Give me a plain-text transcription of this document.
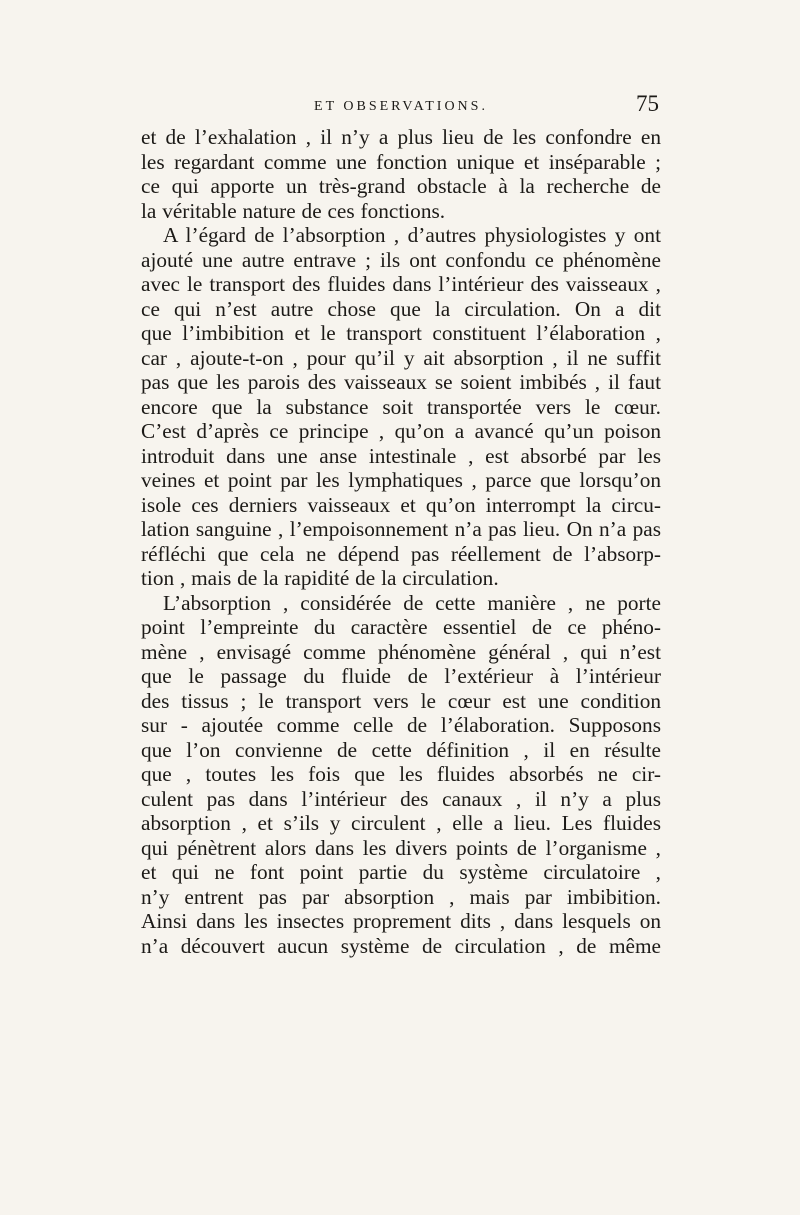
ET OBSERVATIONS.	75
et de l’exhalation , il n’y a plus lieu de les confondre en
les regardant comme une fonction unique et inséparable ;
ce qui apporte un très-grand obstacle à la recherche de
la véritable nature de ces fonctions.
A l’égard de l’absorption , d’autres physiologistes y ont
ajouté une autre entrave ; ils ont confondu ce phénomène
avec le transport des fluides dans l’intérieur des vaisseaux ,
ce qui n’est autre chose que la circulation. On a dit
que l’imbibition et le transport constituent l’élaboration ,
car , ajoute-t-on , pour qu’il y ait absorption , il ne suffit
pas que les parois des vaisseaux se soient imbibés , il faut
encore que la substance soit transportée vers le cœur.
C’est d’après ce principe , qu’on a avancé qu’un poison
introduit dans une anse intestinale , est absorbé par les
veines et point par les lymphatiques , parce que lorsqu’on
isole ces derniers vaisseaux et qu’on interrompt la circu-
lation sanguine , l’empoisonnement n’a pas lieu. On n’a pas
réfléchi que cela ne dépend pas réellement de l’absorp-
tion , mais de la rapidité de la circulation.
L’absorption , considérée de cette manière , ne porte
point l’empreinte du caractère essentiel de ce phéno-
mène , envisagé comme phénomène général , qui n’est
que le passage du fluide de l’extérieur à l’intérieur
des tissus ; le transport vers le cœur est une condition
sur - ajoutée comme celle de l’élaboration. Supposons
que l’on convienne de cette définition , il en résulte
que , toutes les fois que les fluides absorbés ne cir-
culent pas dans l’intérieur des canaux , il n’y a plus
absorption , et s’ils y circulent , elle a lieu. Les fluides
qui pénètrent alors dans les divers points de l’organisme ,
et qui ne font point partie du système circulatoire ,
n’y entrent pas par absorption , mais par imbibition.
Ainsi dans les insectes proprement dits , dans lesquels on
n’a découvert aucun système de circulation , de même
